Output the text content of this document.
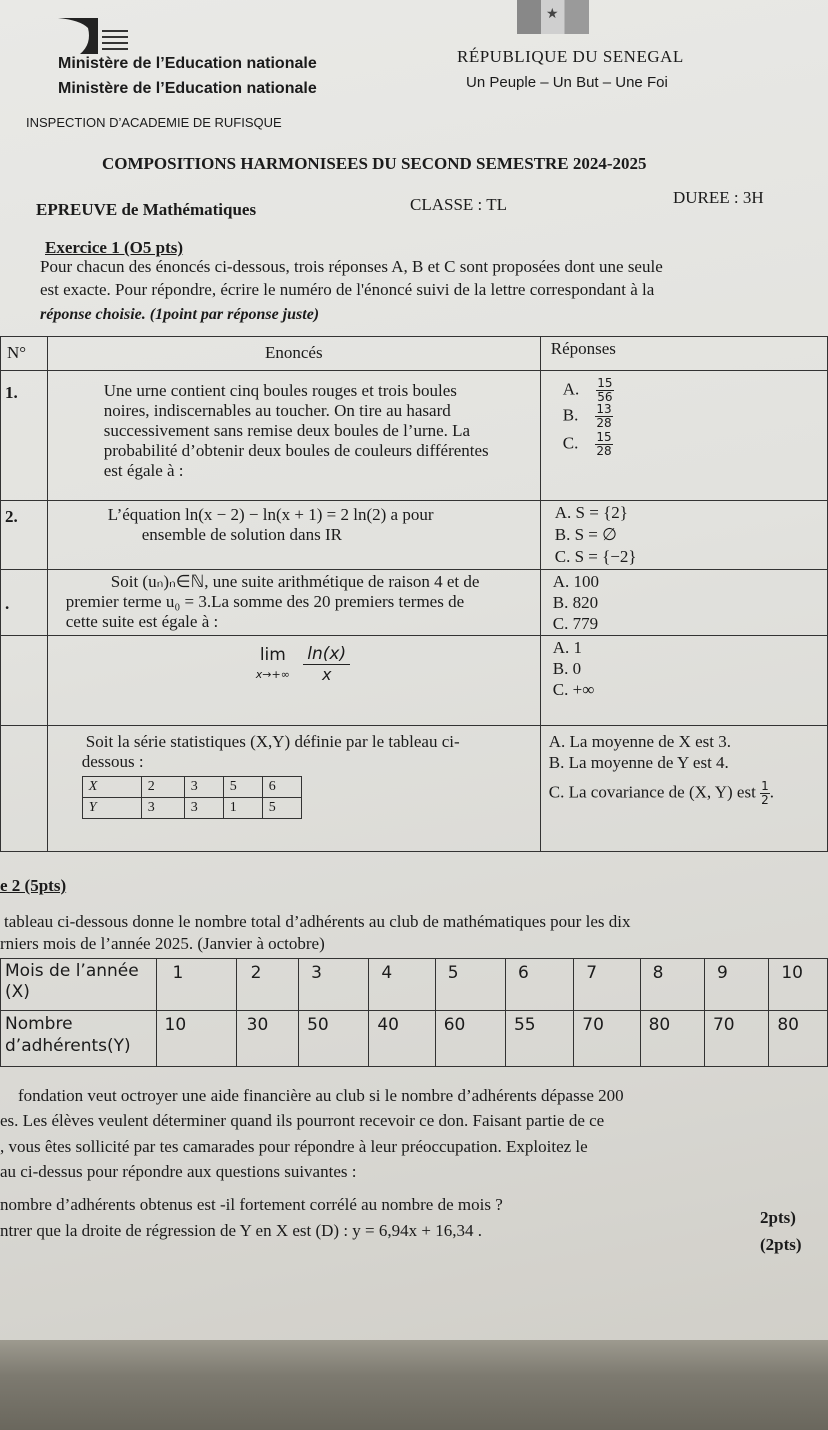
★
Ministère de l’Education nationale
Ministère de l’Education nationale
RÉPUBLIQUE DU SENEGAL
Un Peuple – Un But – Une Foi
INSPECTION D’ACADEMIE DE RUFISQUE
COMPOSITIONS HARMONISEES DU SECOND SEMESTRE 2024-2025
EPREUVE de Mathématiques	CLASSE : TL	DUREE : 3H
Exercice 1 (O5 pts)
Pour chacun des énoncés ci-dessous, trois réponses A, B et C sont proposées dont une seule
est exacte. Pour répondre, écrire le numéro de l'énoncé suivi de la lettre correspondant à la
réponse choisie. (1point par réponse juste)
N°	Enoncés	Réponses
1.	Une urne contient cinq boules rouges et trois boules
noires, indiscernables au toucher. On tire au hasard
successivement sans remise deux boules de l’urne. La
probabilité d’obtenir deux boules de couleurs différentes
est égale à :

A. $\frac{15}{56}$
B. $\frac{13}{28}$
C. $\frac{15}{28}$

2.	L’équation ln(x − 2) − ln(x + 1) = 2 ln(2) a pour
ensemble de solution dans IR

A. S = {2}
B. S = ∅
C. S = {−2}

.	
Soit (uₙ)ₙ∈ℕ, une suite arithmétique de raison 4 et de
premier terme u₀ = 3.La somme des 20 premiers termes de
cette suite est égale à :

A. 100
B. 820
C. 779

lim
x→+∞
$\frac{\ln(x)}{x}$	A. 1
B. 0
C. +∞

Soit la série statistiques (X,Y) définie par le tableau ci-
dessous :
X	2	3	5	6
Y	3	3	1	5

A. La moyenne de X est 3.
B. La moyenne de Y est 4.
C. La covariance de (X, Y) est $\frac{1}{2}$.
e 2 (5pts)
tableau ci-dessous donne le nombre total d’adhérents au club de mathématiques pour les dix
rniers mois de l’année 2025. (Janvier à octobre)
Mois de l’année
(X)	1	2	3	4	5	6	7	8	9	10

Nombre
d’adhérents(Y)	10	30	50	40	60	55	70	80	70	80
fondation veut octroyer une aide financière au club si le nombre d’adhérents dépasse 200
es. Les élèves veulent déterminer quand ils pourront recevoir ce don. Faisant partie de ce
, vous êtes sollicité par tes camarades pour répondre à leur préoccupation. Exploitez le
au ci-dessus pour répondre aux questions suivantes :
nombre d’adhérents obtenus est -il fortement corrélé au nombre de mois ?
2pts)
ntrer que la droite de régression de Y en X est (D) : y = 6,94x + 16,34 .
(2pts)
